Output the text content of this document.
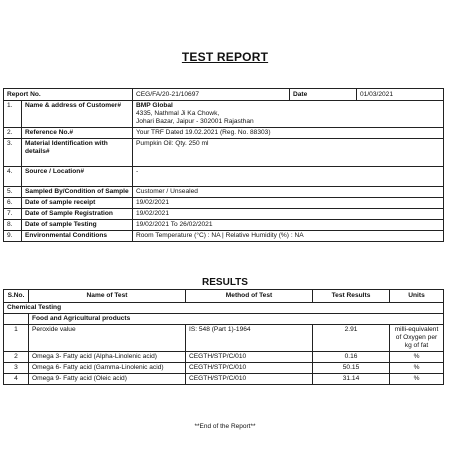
TEST REPORT
Report No.		CEG/FA/20-21/10697	Date	01/03/2021
1.	Name & address of Customer#	BMP Global
4335, Nathmal Ji Ka Chowk,
Johari Bazar, Jaipur - 302001 Rajasthan		

2.	Reference No.#	Your TRF Dated 19.02.2021 (Reg. No. 88303)		
3.	Material Identification with details#	Pumpkin Oil: Qty. 250 ml		
4.	Source / Location#	-		
5.	Sampled By/Condition of Sample	Customer / Unsealed		
6.	Date of sample receipt	19/02/2021		
7.	Date of Sample Registration	19/02/2021		
8.	Date of sample Testing	19/02/2021 To 26/02/2021		
9.	Environmental Conditions	Room Temperature (°C) : NA | Relative Humidity (%) : NA		
RESULTS
S.No.	Name of Test	Method of Test	Test Results	Units
Chemical Testing				
	Food and Agricultural products			
1	Peroxide value	IS: 548 (Part 1)-1964	2.91	milli-equivalent of Oxygen per kg of fat
2	Omega 3- Fatty acid (Alpha-Linolenic acid)	CEGTH/STP/C/010	0.16	%
3	Omega 6- Fatty acid (Gamma-Linolenic acid)	CEGTH/STP/C/010	50.15	%
4	Omega 9- Fatty acid (Oleic acid)	CEGTH/STP/C/010	31.14	%
**End of the Report**
